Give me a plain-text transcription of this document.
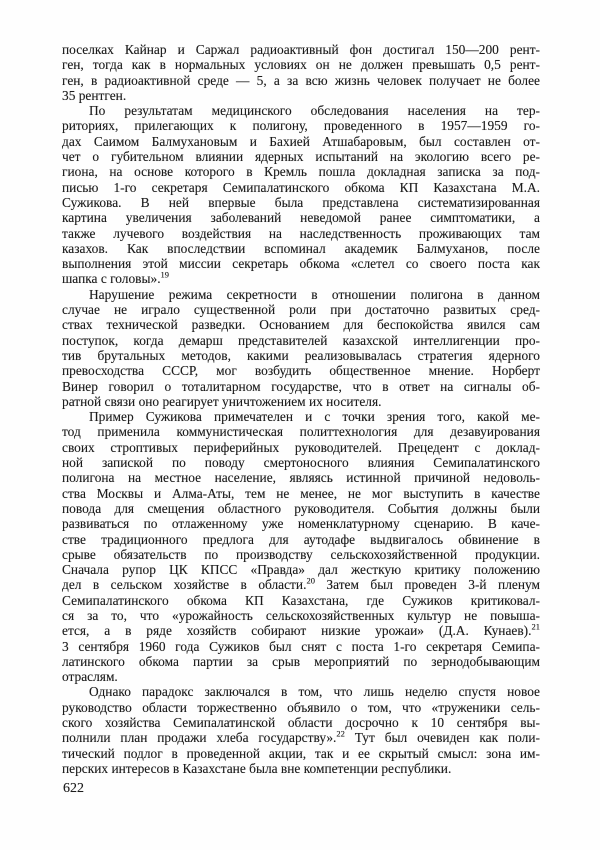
поселках Кайнар и Саржал радиоактивный фон достигал 150—200 рент-
ген, тогда как в нормальных условиях он не должен превышать 0,5 рент-
ген, в радиоактивной среде — 5, а за всю жизнь человек получает не более
35 рентген.
По результатам медицинского обследования населения на тер-
риториях, прилегающих к полигону, проведенного в 1957—1959 го-
дах Саимом Балмухановым и Бахией Атшабаровым, был составлен от-
чет о губительном влиянии ядерных испытаний на экологию всего ре-
гиона, на основе которого в Кремль пошла докладная записка за под-
писью 1-го секретаря Семипалатинского обкома КП Казахстана М.А.
Сужикова. В ней впервые была представлена систематизированная
картина увеличения заболеваний неведомой ранее симптоматики, а
также лучевого воздействия на наследственность проживающих там
казахов. Как впоследствии вспоминал академик Балмуханов, после
выполнения этой миссии секретарь обкома «слетел со своего поста как
шапка с головы».$^{19}$
Нарушение режима секретности в отношении полигона в данном
случае не играло существенной роли при достаточно развитых сред-
ствах технической разведки. Основанием для беспокойства явился сам
поступок, когда демарш представителей казахской интеллигенции про-
тив брутальных методов, какими реализовывалась стратегия ядерного
превосходства СССР, мог возбудить общественное мнение. Норберт
Винер говорил о тоталитарном государстве, что в ответ на сигналы об-
ратной связи оно реагирует уничтожением их носителя.
Пример Сужикова примечателен и с точки зрения того, какой ме-
тод применила коммунистическая политтехнология для дезавуирования
своих строптивых периферийных руководителей. Прецедент с доклад-
ной запиской по поводу смертоносного влияния Семипалатинского
полигона на местное население, являясь истинной причиной недоволь-
ства Москвы и Алма-Аты, тем не менее, не мог выступить в качестве
повода для смещения областного руководителя. События должны были
развиваться по отлаженному уже номенклатурному сценарию. В каче-
стве традиционного предлога для аутодафе выдвигалось обвинение в
срыве обязательств по производству сельскохозяйственной продукции.
Сначала рупор ЦК КПСС «Правда» дал жесткую критику положению
дел в сельском хозяйстве в области.$^{20}$ Затем был проведен 3-й пленум
Семипалатинского обкома КП Казахстана, где Сужиков критиковал-
ся за то, что «урожайность сельскохозяйственных культур не повыша-
ется, а в ряде хозяйств собирают низкие урожаи» (Д.А. Кунаев).$^{21}$
3 сентября 1960 года Сужиков был снят с поста 1-го секретаря Семипа-
латинского обкома партии за срыв мероприятий по зернодобывающим
отраслям.
Однако парадокс заключался в том, что лишь неделю спустя новое
руководство области торжественно объявило о том, что «труженики сель-
ского хозяйства Семипалатинской области досрочно к 10 сентября вы-
полнили план продажи хлеба государству».$^{22}$ Тут был очевиден как поли-
тический подлог в проведенной акции, так и ее скрытый смысл: зона им-
перских интересов в Казахстане была вне компетенции республики.
622
